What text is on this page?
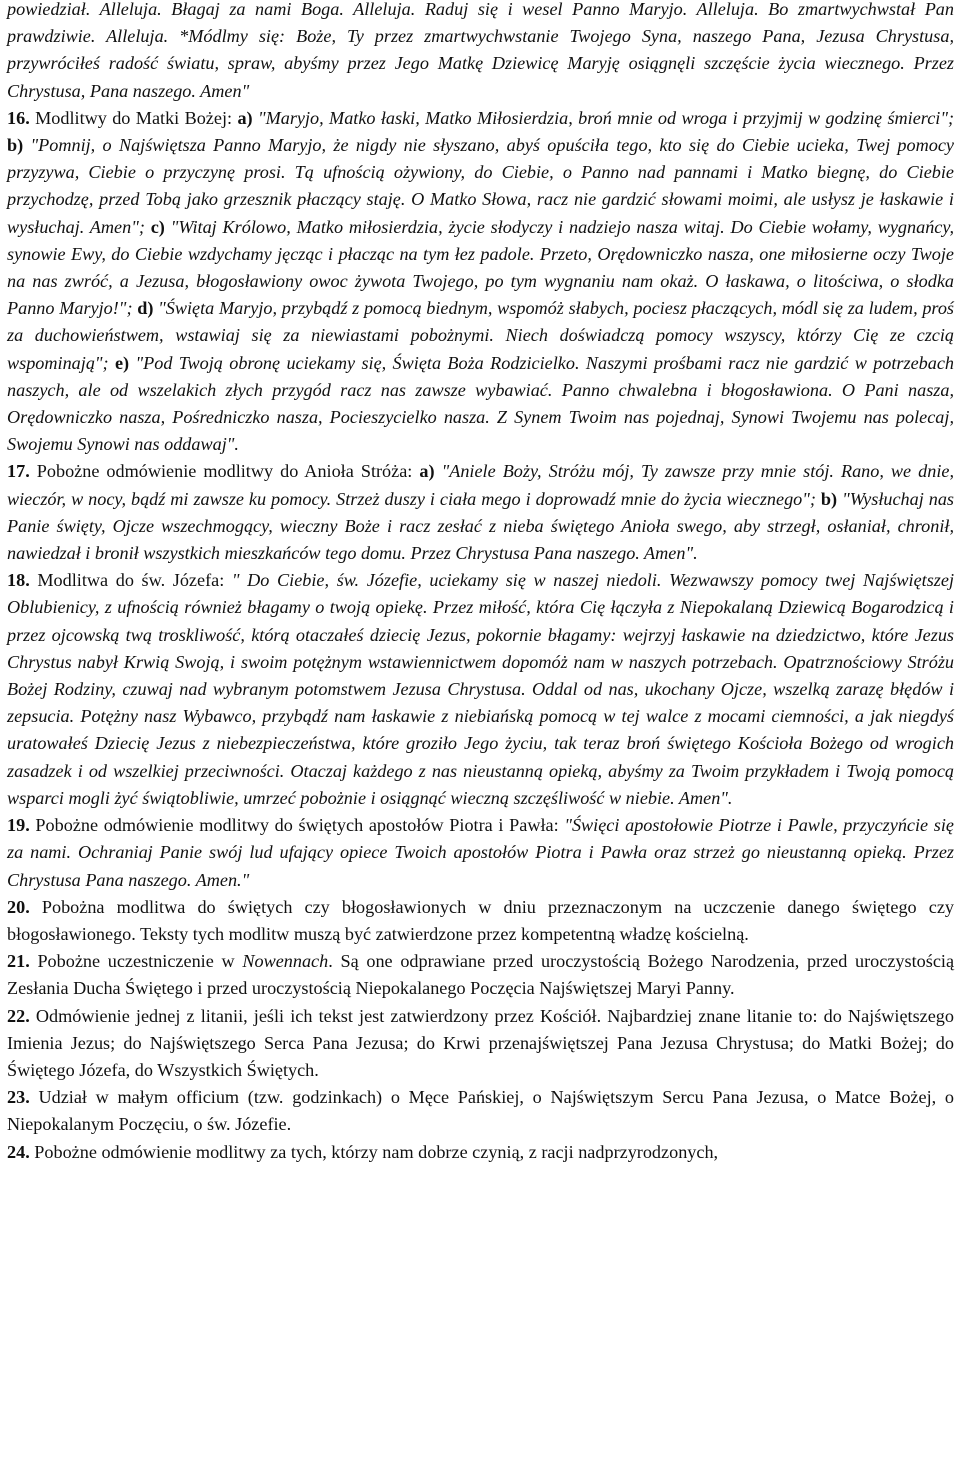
powiedział. Alleluja. Błagaj za nami Boga. Alleluja. Raduj się i wesel Panno Maryjo. Alleluja. Bo zmartwychwstał Pan prawdziwie. Alleluja. *Módlmy się: Boże, Ty przez zmartwychwstanie Twojego Syna, naszego Pana, Jezusa Chrystusa, przywróciłeś radość światu, spraw, abyśmy przez Jego Matkę Dziewicę Maryję osiągnęli szczęście życia wiecznego. Przez Chrystusa, Pana naszego. Amen"

16. Modlitwy do Matki Bożej: a) "Maryjo, Matko łaski, Matko Miłosierdzia, broń mnie od wroga i przyjmij w godzinę śmierci"; b) "Pomnij, o Najświętsza Panno Maryjo, że nigdy nie słyszano, abyś opuściła tego, kto się do Ciebie ucieka, Twej pomocy przyzywa, Ciebie o przyczynę prosi. Tą ufnością ożywiony, do Ciebie, o Panno nad pannami i Matko biegnę, do Ciebie przychodzę, przed Tobą jako grzesznik płaczący staję. O Matko Słowa, racz nie gardzić słowami moimi, ale usłysz je łaskawie i wysłuchaj. Amen"; c) "Witaj Królowo, Matko miłosierdzia, życie słodyczy i nadziejo nasza witaj. Do Ciebie wołamy, wygnańcy, synowie Ewy, do Ciebie wzdychamy jęcząc i płacząc na tym łez padole. Przeto, Orędowniczko nasza, one miłosierne oczy Twoje na nas zwróć, a Jezusa, błogosławiony owoc żywota Twojego, po tym wygnaniu nam okaż. O łaskawa, o litościwa, o słodka Panno Maryjo!"; d) "Święta Maryjo, przybądź z pomocą biednym, wspomóż słabych, pociesz płaczących, módl się za ludem, proś za duchowieństwem, wstawiaj się za niewiastami pobożnymi. Niech doświadczą pomocy wszyscy, którzy Cię ze czcią wspominają"; e) "Pod Twoją obronę uciekamy się, Święta Boża Rodzicielko. Naszymi prośbami racz nie gardzić w potrzebach naszych, ale od wszelakich złych przygód racz nas zawsze wybawiać. Panno chwalebna i błogosławiona. O Pani nasza, Orędowniczko nasza, Pośredniczko nasza, Pocieszycielko nasza. Z Synem Twoim nas pojednaj, Synowi Twojemu nas polecaj, Swojemu Synowi nas oddawaj".

17. Pobożne odmówienie modlitwy do Anioła Stróża: a) "Aniele Boży, Stróżu mój, Ty zawsze przy mnie stój. Rano, we dnie, wieczór, w nocy, bądź mi zawsze ku pomocy. Strzeż duszy i ciała mego i doprowadź mnie do życia wiecznego"; b) "Wysłuchaj nas Panie święty, Ojcze wszechmogący, wieczny Boże i racz zesłać z nieba świętego Anioła swego, aby strzegł, osłaniał, chronił, nawiedzał i bronił wszystkich mieszkańców tego domu. Przez Chrystusa Pana naszego. Amen".

18. Modlitwa do św. Józefa: " Do Ciebie, św. Józefie, uciekamy się w naszej niedoli. Wezwawszy pomocy twej Najświętszej Oblubienicy, z ufnością również błagamy o twoją opiekę. Przez miłość, która Cię łączyła z Niepokalaną Dziewicą Bogarodzicą i przez ojcowską twą troskliwość, którą otaczałeś dziecię Jezus, pokornie błagamy: wejrzyj łaskawie na dziedzictwo, które Jezus Chrystus nabył Krwią Swoją, i swoim potężnym wstawiennictwem dopomóż nam w naszych potrzebach. Opatrznościowy Stróżu Bożej Rodziny, czuwaj nad wybranym potomstwem Jezusa Chrystusa. Oddal od nas, ukochany Ojcze, wszelką zarazę błędów i zepsucia. Potężny nasz Wybawco, przybądź nam łaskawie z niebiańską pomocą w tej walce z mocami ciemności, a jak niegdyś uratowałeś Dziecię Jezus z niebezpieczeństwa, które groziło Jego życiu, tak teraz broń świętego Kościoła Bożego od wrogich zasadzek i od wszelkiej przeciwności. Otaczaj każdego z nas nieustanną opieką, abyśmy za Twoim przykładem i Twoją pomocą wsparci mogli żyć świątobliwie, umrzeć pobożnie i osiągnąć wieczną szczęśliwość w niebie. Amen".

19. Pobożne odmówienie modlitwy do świętych apostołów Piotra i Pawła: "Święci apostołowie Piotrze i Pawle, przyczyńcie się za nami. Ochraniaj Panie swój lud ufający opiece Twoich apostołów Piotra i Pawła oraz strzeż go nieustanną opieką. Przez Chrystusa Pana naszego. Amen."

20. Pobożna modlitwa do świętych czy błogosławionych w dniu przeznaczonym na uczczenie danego świętego czy błogosławionego. Teksty tych modlitw muszą być zatwierdzone przez kompetentną władzę kościelną.

21. Pobożne uczestniczenie w Nowennach. Są one odprawiane przed uroczystością Bożego Narodzenia, przed uroczystością Zesłania Ducha Świętego i przed uroczystością Niepokalanego Poczęcia Najświętszej Maryi Panny.

22. Odmówienie jednej z litanii, jeśli ich tekst jest zatwierdzony przez Kościół. Najbardziej znane litanie to: do Najświętszego Imienia Jezus; do Najświętszego Serca Pana Jezusa; do Krwi przenajświętszej Pana Jezusa Chrystusa; do Matki Bożej; do Świętego Józefa, do Wszystkich Świętych.

23. Udział w małym officium (tzw. godzinkach) o Męce Pańskiej, o Najświętszym Sercu Pana Jezusa, o Matce Bożej, o Niepokalanym Poczęciu, o św. Józefie.

24. Pobożne odmówienie modlitwy za tych, którzy nam dobrze czynią, z racji nadprzyrodzonych,
